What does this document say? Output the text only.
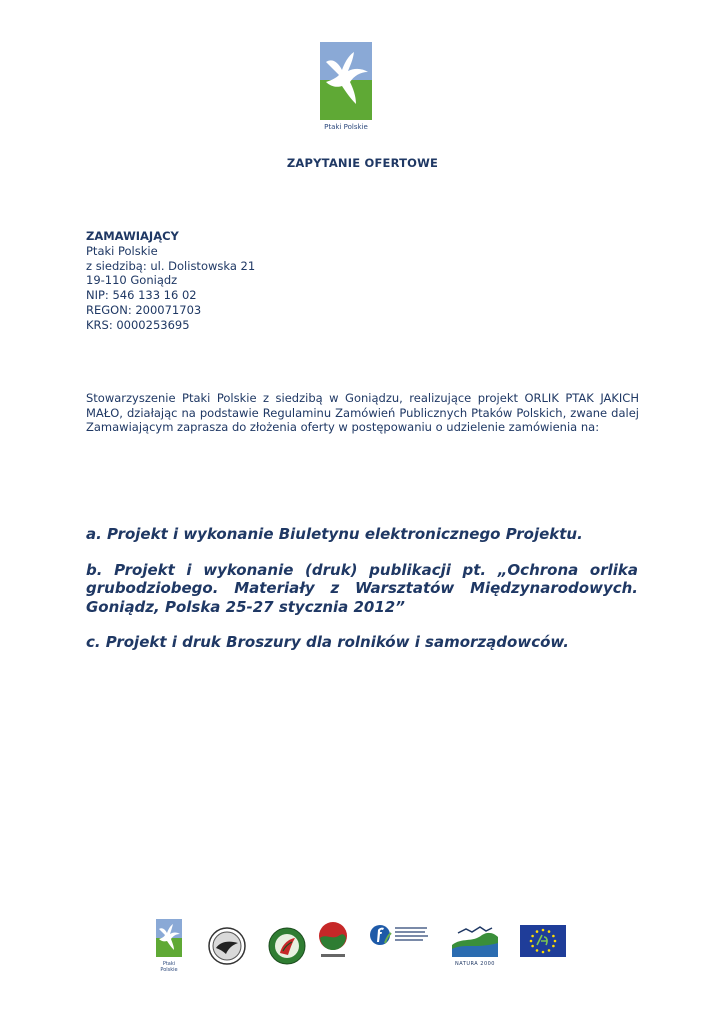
Ptaki Polskie
ZAPYTANIE OFERTOWE
ZAMAWIAJĄCY
Ptaki Polskie
z siedzibą: ul. Dolistowska 21
19-110 Goniądz
NIP: 546 133 16 02
REGON: 200071703
KRS: 0000253695
Stowarzyszenie Ptaki Polskie z siedzibą w Goniądzu, realizujące projekt ORLIK PTAK JAKICH MAŁO, działając na podstawie Regulaminu Zamówień Publicznych Ptaków Polskich, zwane dalej Zamawiającym zaprasza do złożenia oferty w postępowaniu o udzielenie zamówienia na:

a. Projekt i wykonanie Biuletynu elektronicznego Projektu.

b. Projekt i wykonanie (druk) publikacji pt. „Ochrona orlika grubodziobego. Materiały z Warsztatów Międzynarodowych. Goniądz, Polska 25-27 stycznia 2012”

c. Projekt i druk Broszury dla rolników i samorządowców.

Ptaki Polskie
NATURA 2000
